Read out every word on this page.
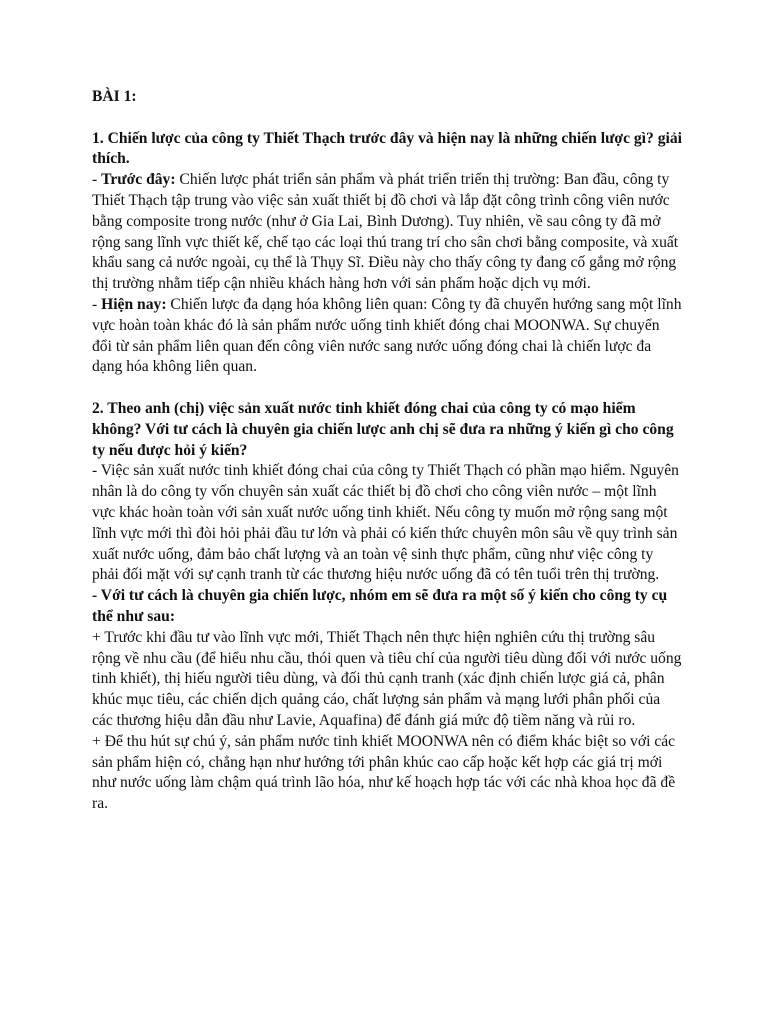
BÀI 1:

1. Chiến lược của công ty Thiết Thạch trước đây và hiện nay là những chiến lược gì? giải thích.

- Trước đây: Chiến lược phát triển sản phẩm và phát triển triển thị trường: Ban đầu, công ty Thiết Thạch tập trung vào việc sản xuất thiết bị đồ chơi và lắp đặt công trình công viên nước bằng composite trong nước (như ở Gia Lai, Bình Dương). Tuy nhiên, về sau công ty đã mở rộng sang lĩnh vực thiết kế, chế tạo các loại thú trang trí cho sân chơi bằng composite, và xuất khẩu sang cả nước ngoài, cụ thể là Thụy Sĩ. Điều này cho thấy công ty đang cố gắng mở rộng thị trường nhằm tiếp cận nhiều khách hàng hơn với sản phẩm hoặc dịch vụ mới.

- Hiện nay: Chiến lược đa dạng hóa không liên quan: Công ty đã chuyển hướng sang một lĩnh vực hoàn toàn khác đó là sản phẩm nước uống tinh khiết đóng chai MOONWA. Sự chuyển đổi từ sản phẩm liên quan đến công viên nước sang nước uống đóng chai là chiến lược đa dạng hóa không liên quan.

2. Theo anh (chị) việc sản xuất nước tinh khiết đóng chai của công ty có mạo hiểm không? Với tư cách là chuyên gia chiến lược anh chị sẽ đưa ra những ý kiến gì cho công ty nếu được hỏi ý kiến?

- Việc sản xuất nước tinh khiết đóng chai của công ty Thiết Thạch có phần mạo hiểm. Nguyên nhân là do công ty vốn chuyên sản xuất các thiết bị đồ chơi cho công viên nước – một lĩnh vực khác hoàn toàn với sản xuất nước uống tinh khiết. Nếu công ty muốn mở rộng sang một lĩnh vực mới thì đòi hỏi phải đầu tư lớn và phải có kiến thức chuyên môn sâu về quy trình sản xuất nước uống, đảm bảo chất lượng và an toàn vệ sinh thực phẩm, cũng như việc công ty phải đối mặt với sự cạnh tranh từ các thương hiệu nước uống đã có tên tuổi trên thị trường.

- Với tư cách là chuyên gia chiến lược, nhóm em sẽ đưa ra một số ý kiến cho công ty cụ thể như sau:

+ Trước khi đầu tư vào lĩnh vực mới, Thiết Thạch nên thực hiện nghiên cứu thị trường sâu rộng về nhu cầu (để hiểu nhu cầu, thói quen và tiêu chí của người tiêu dùng đối với nước uống tinh khiết), thị hiếu người tiêu dùng, và đối thủ cạnh tranh (xác định chiến lược giá cả, phân khúc mục tiêu, các chiến dịch quảng cáo, chất lượng sản phẩm và mạng lưới phân phối của các thương hiệu dẫn đầu như Lavie, Aquafina) để đánh giá mức độ tiềm năng và rủi ro.

+ Để thu hút sự chú ý, sản phẩm nước tinh khiết MOONWA nên có điểm khác biệt so với các sản phẩm hiện có, chẳng hạn như hướng tới phân khúc cao cấp hoặc kết hợp các giá trị mới như nước uống làm chậm quá trình lão hóa, như kế hoạch hợp tác với các nhà khoa học đã đề ra.
